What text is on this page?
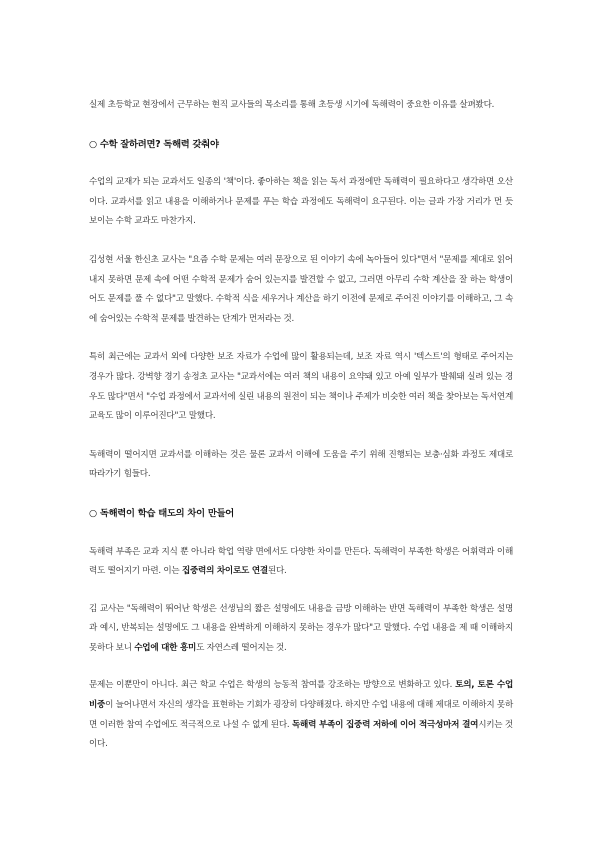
실제 초등학교 현장에서 근무하는 현직 교사들의 목소리를 통해 초등생 시기에 독해력이 중요한 이유를 살펴봤다.

○ 수학 잘하려면? 독해력 갖춰야

수업의 교재가 되는 교과서도 일종의 '책'이다. 좋아하는 책을 읽는 독서 과정에만 독해력이 필요하다고 생각하면 오산이다. 교과서를 읽고 내용을 이해하거나 문제를 푸는 학습 과정에도 독해력이 요구된다. 이는 글과 가장 거리가 먼 듯 보이는 수학 교과도 마찬가지.

김성현 서울 한신초 교사는 "요즘 수학 문제는 여러 문장으로 된 이야기 속에 녹아들어 있다"면서 "문제를 제대로 읽어내지 못하면 문제 속에 어떤 수학적 문제가 숨어 있는지를 발견할 수 없고, 그러면 아무리 수학 계산을 잘 하는 학생이어도 문제를 풀 수 없다"고 말했다. 수학적 식을 세우거나 계산을 하기 이전에 문제로 주어진 이야기를 이해하고, 그 속에 숨어있는 수학적 문제를 발견하는 단계가 먼저라는 것.

특히 최근에는 교과서 외에 다양한 보조 자료가 수업에 많이 활용되는데, 보조 자료 역시 '텍스트'의 형태로 주어지는 경우가 많다. 강벽향 경기 송정초 교사는 "교과서에는 여러 책의 내용이 요약돼 있고 아예 일부가 발췌돼 실려 있는 경우도 많다"면서 "수업 과정에서 교과서에 실린 내용의 원전이 되는 책이나 주제가 비슷한 여러 책을 찾아보는 독서연계 교육도 많이 이루어진다"고 말했다.

독해력이 떨어지면 교과서를 이해하는 것은 물론 교과서 이해에 도움을 주기 위해 진행되는 보충·심화 과정도 제대로 따라가기 힘들다.

○ 독해력이 학습 태도의 차이 만들어

독해력 부족은 교과 지식 뿐 아니라 학업 역량 면에서도 다양한 차이를 만든다. 독해력이 부족한 학생은 어휘력과 이해력도 떨어지기 마련. 이는 집중력의 차이로도 연결된다.

김 교사는 "독해력이 뛰어난 학생은 선생님의 짧은 설명에도 내용을 금방 이해하는 반면 독해력이 부족한 학생은 설명과 예시, 반복되는 설명에도 그 내용을 완벽하게 이해하지 못하는 경우가 많다"고 말했다. 수업 내용을 제 때 이해하지 못하다 보니 수업에 대한 흥미도 자연스레 떨어지는 것.

문제는 이뿐만이 아니다. 최근 학교 수업은 학생의 능동적 참여를 강조하는 방향으로 변화하고 있다. 토의, 토론 수업 비중이 늘어나면서 자신의 생각을 표현하는 기회가 굉장히 다양해졌다. 하지만 수업 내용에 대해 제대로 이해하지 못하면 이러한 참여 수업에도 적극적으로 나설 수 없게 된다. 독해력 부족이 집중력 저하에 이어 적극성마저 결여시키는 것이다.
